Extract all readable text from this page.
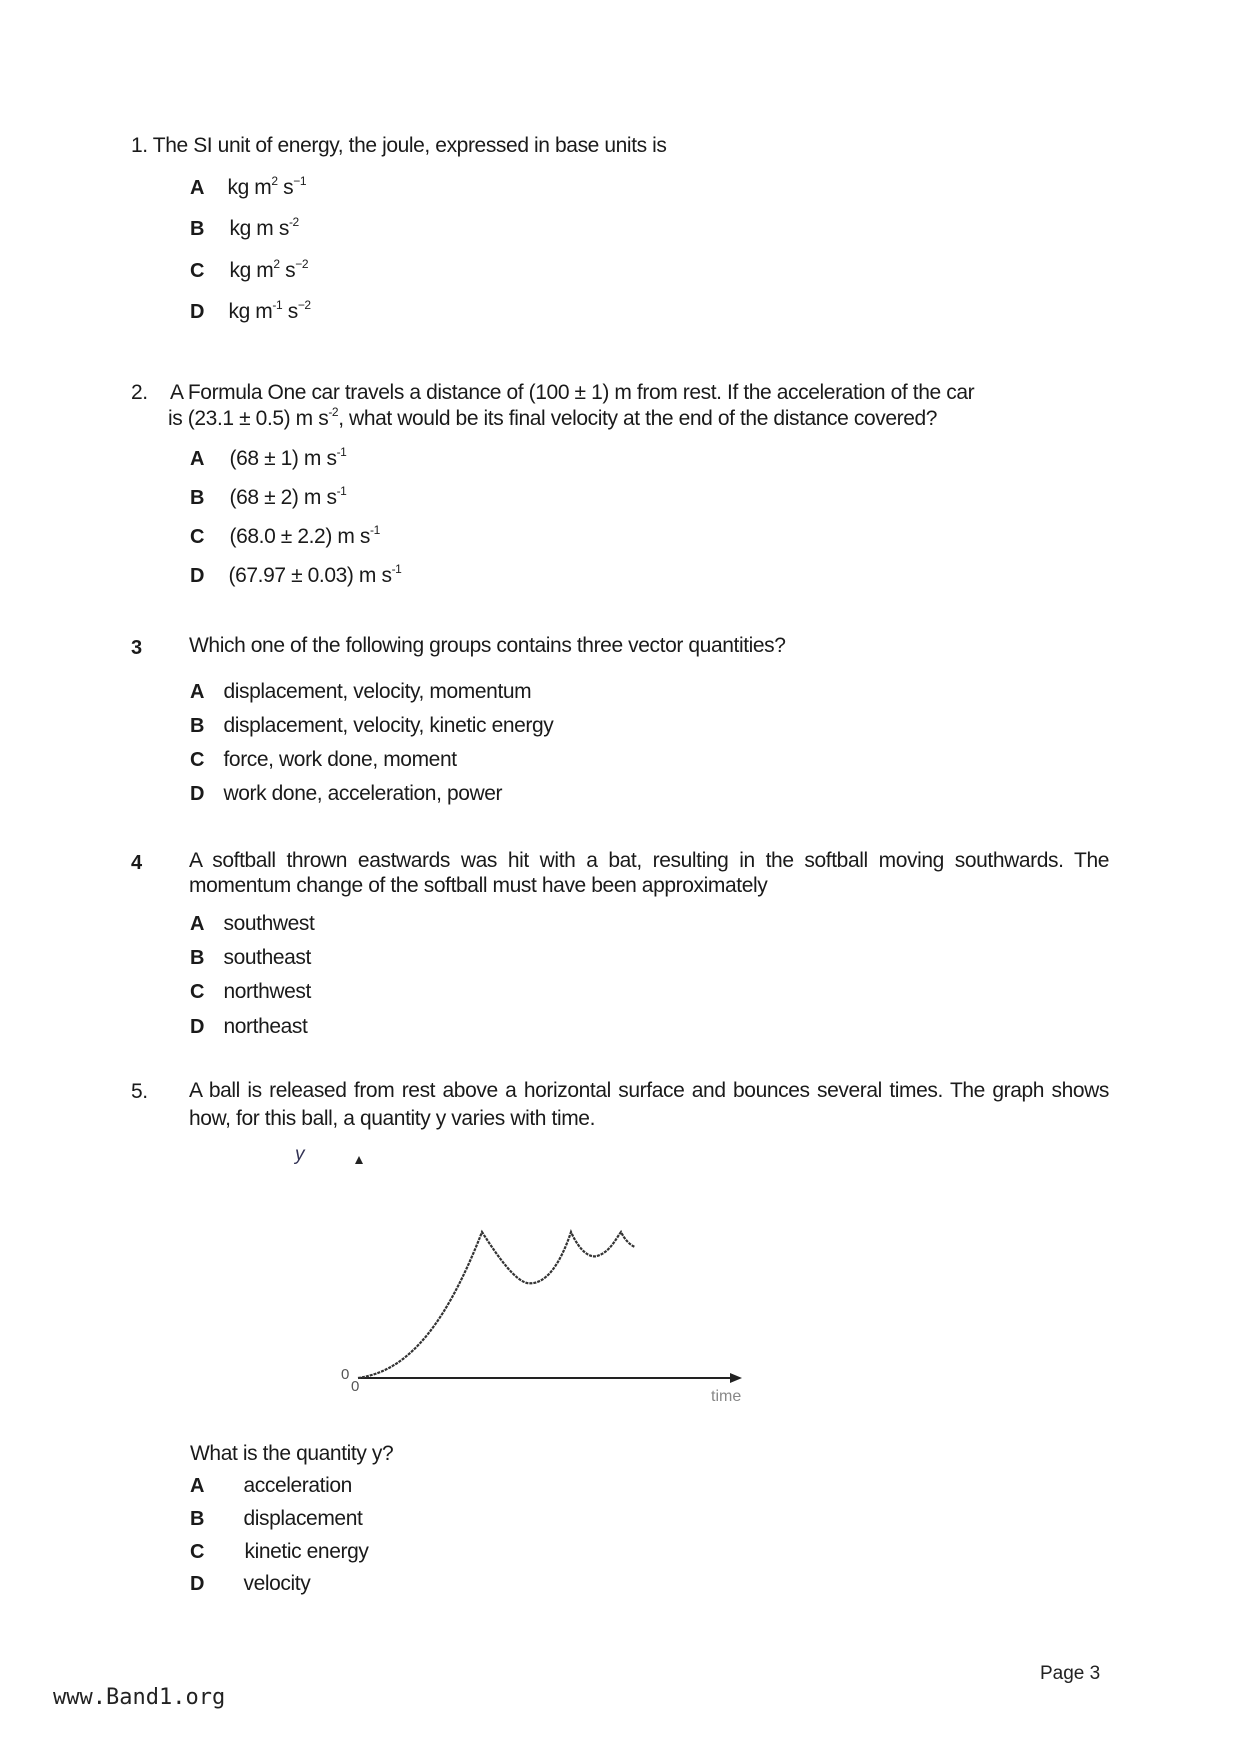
1. The SI unit of energy, the joule, expressed in base units is
A kg $m^2$ $s^{-1}$
B kg m $s^{-2}$
C kg $m^2$ $s^{-2}$
D kg $m^{-1}$ $s^{-2}$
2. A Formula One car travels a distance of (100 ± 1) m from rest. If the acceleration of the car
is (23.1 ± 0.5) m $s^{-2}$, what would be its final velocity at the end of the distance covered?
A (68 ± 1) m $s^{-1}$
B (68 ± 2) m $s^{-1}$
C (68.0 ± 2.2) m $s^{-1}$
D (67.97 ± 0.03) m $s^{-1}$
3 Which one of the following groups contains three vector quantities?
A displacement, velocity, momentum
B displacement, velocity, kinetic energy
C force, work done, moment
D work done, acceleration, power
4 A softball thrown eastwards was hit with a bat, resulting in the softball moving southwards. The momentum change of the softball must have been approximately
A southwest
B southeast
C northwest
D northeast
5. A ball is released from rest above a horizontal surface and bounces several times. The graph shows how, for this ball, a quantity y varies with time.
y
0
0
time
What is the quantity y?
A acceleration
B displacement
C kinetic energy
D velocity
Page 3
www.Band1.org
